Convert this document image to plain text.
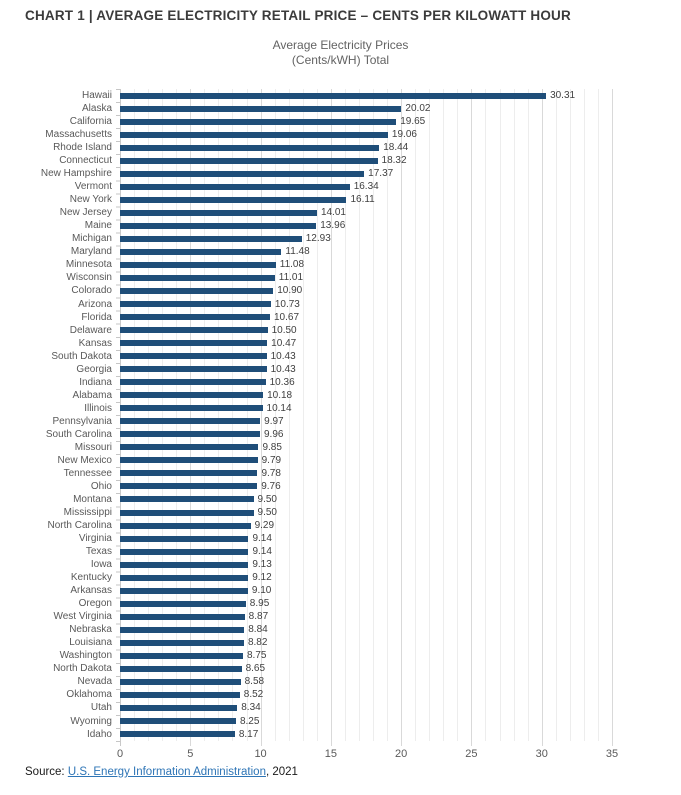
CHART 1 | AVERAGE ELECTRICITY RETAIL PRICE – CENTS PER KILOWATT HOUR
Average Electricity Prices
(Cents/kWH) Total
Hawaii	30.31
Alaska	20.02
California	19.65
Massachusetts	19.06
Rhode Island	18.44
Connecticut	18.32
New Hampshire	17.37
Vermont	16.34
New York	16.11
New Jersey	14.01
Maine	13.96
Michigan	12.93
Maryland	11.48
Minnesota	11.08
Wisconsin	11.01
Colorado	10.90
Arizona	10.73
Florida	10.67
Delaware	10.50
Kansas	10.47
South Dakota	10.43
Georgia	10.43
Indiana	10.36
Alabama	10.18
Illinois	10.14
Pennsylvania	9.97
South Carolina	9.96
Missouri	9.85
New Mexico	9.79
Tennessee	9.78
Ohio	9.76
Montana	9.50
Mississippi	9.50
North Carolina	9.29
Virginia	9.14
Texas	9.14
Iowa	9.13
Kentucky	9.12
Arkansas	9.10
Oregon	8.95
West Virginia	8.87
Nebraska	8.84
Louisiana	8.82
Washington	8.75
North Dakota	8.65
Nevada	8.58
Oklahoma	8.52
Utah	8.34
Wyoming	8.25
Idaho	8.17
0	5	10	15	20	25	30	35
Source: U.S. Energy Information Administration, 2021
